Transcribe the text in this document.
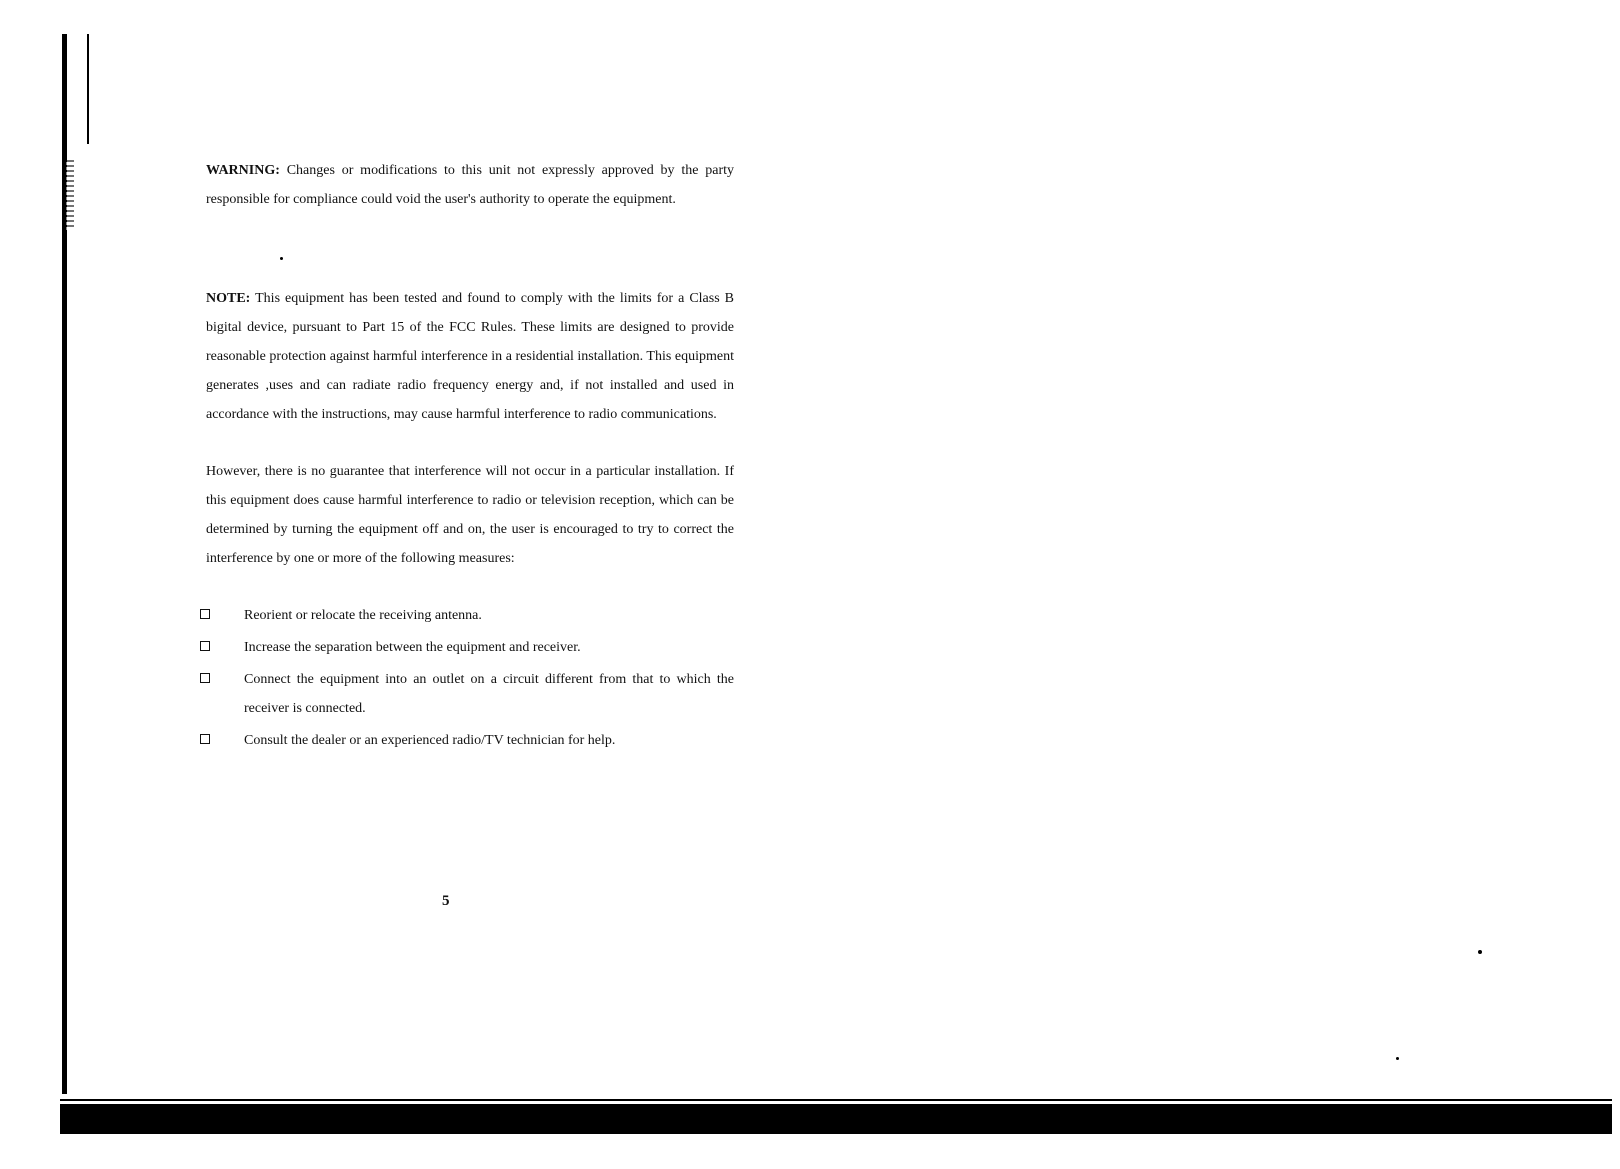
WARNING: Changes or modifications to this unit not expressly approved by the party responsible for compliance could void the user's authority to operate the equipment.

NOTE: This equipment has been tested and found to comply with the limits for a Class B bigital device, pursuant to Part 15 of the FCC Rules. These limits are designed to provide reasonable protection against harmful interference in a residential installation. This equipment generates ,uses and can radiate radio frequency energy and, if not installed and used in accordance with the instructions, may cause harmful interference to radio communications.

However, there is no guarantee that interference will not occur in a particular installation. If this equipment does cause harmful interference to radio or television reception, which can be determined by turning the equipment off and on, the user is encouraged to try to correct the interference by one or more of the following measures:

Reorient or relocate the receiving antenna.
Increase the separation between the equipment and receiver.
Connect the equipment into an outlet on a circuit different from that to which the receiver is connected.
Consult the dealer or an experienced radio/TV technician for help.
5
